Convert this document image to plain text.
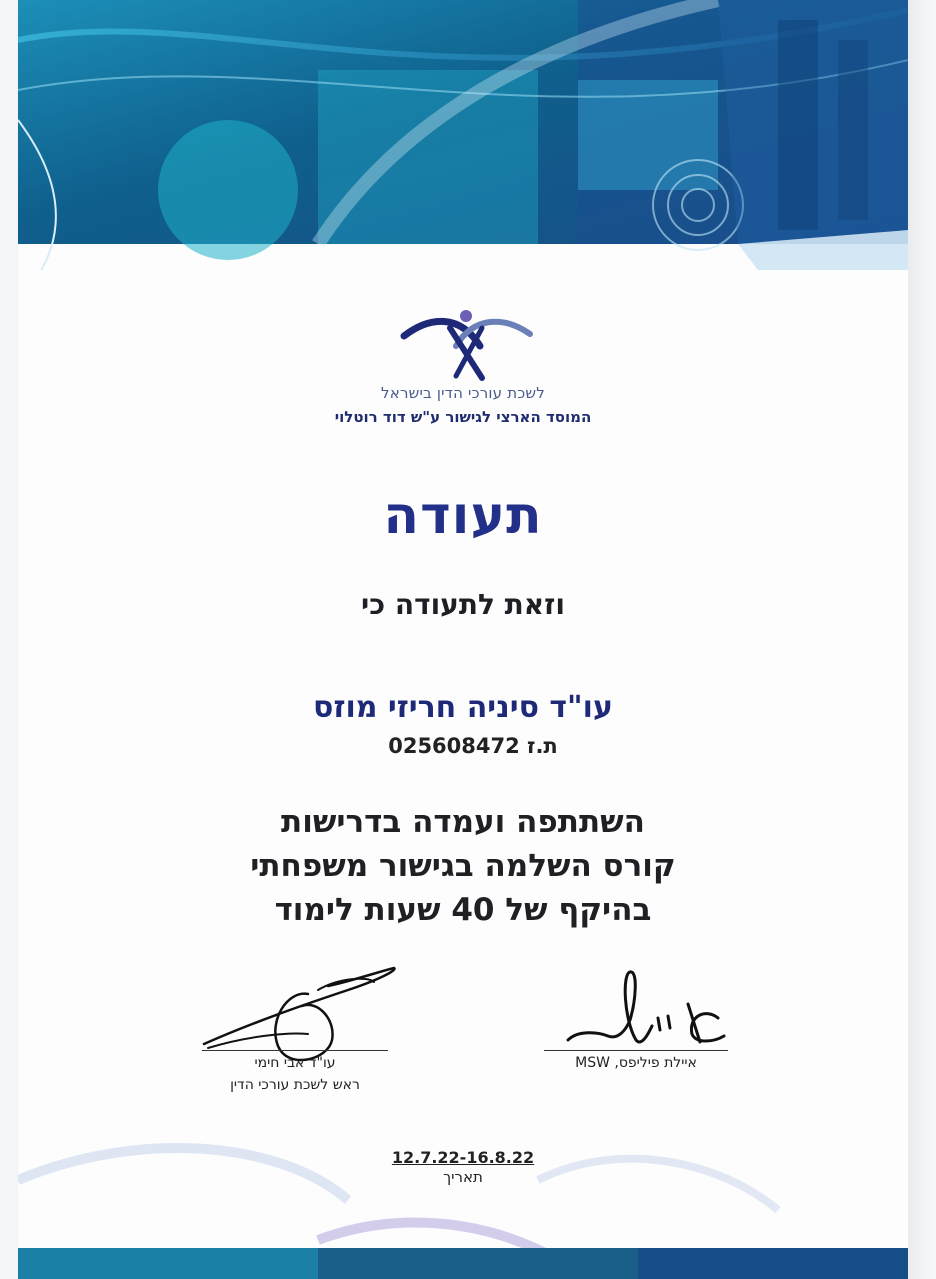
לשכת עורכי הדין בישראל
המוסד הארצי לגישור ע"ש דוד רוטלוי
תעודה
וזאת לתעודה כי
עו"ד סיניה חריזי מוזס
ת.ז 025608472
השתתפה ועמדה בדרישות
קורס השלמה בגישור משפחתי
בהיקף של 40 שעות לימוד
איילת פיליפס, MSW
עו"ד אבי חימי
ראש לשכת עורכי הדין
12.7.22-16.8.22
תאריך
